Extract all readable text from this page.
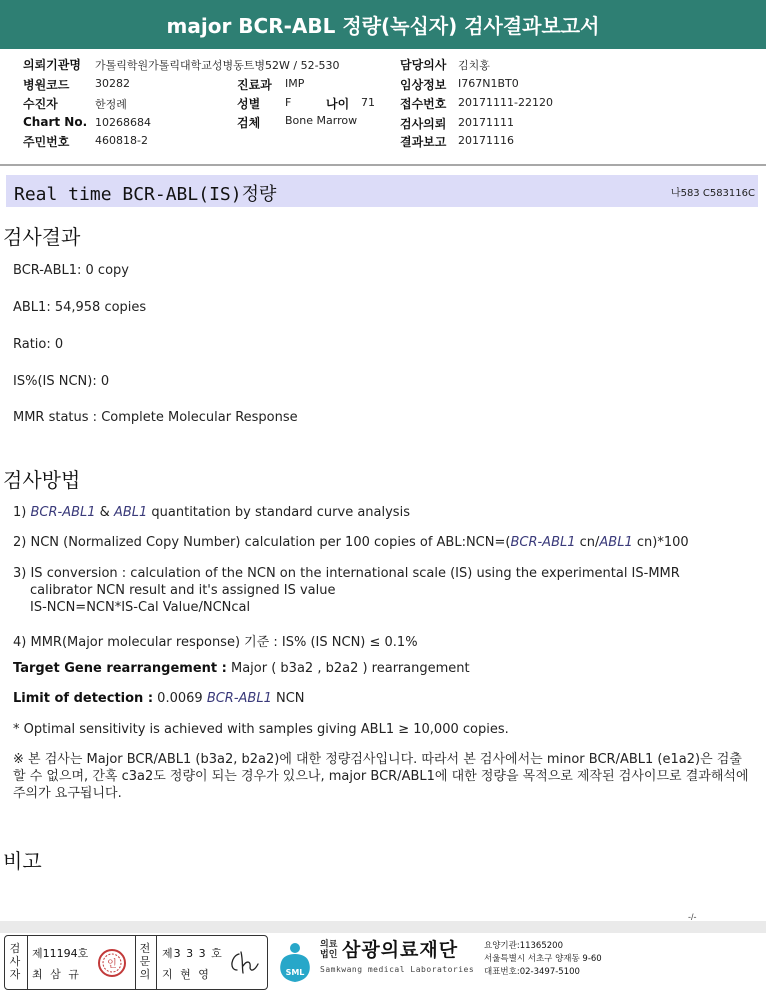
major BCR-ABL 정량(녹십자) 검사결과보고서
의뢰기관명 가톨릭학원가톨릭대학교성병동트병52W / 52-530	담당의사 김치홍
병원코드 30282	진료과 IMP	임상정보 I767N1BT0
수진자	한정례	성별 F	나이 71 접수번호 20171111-22120
Chart No. 10268684	검체 Bone Marrow	검사의뢰 20171111
주민번호 460818-2	결과보고 20171116
Real time BCR-ABL(IS)정량	나583 C583116C
검사결과
BCR-ABL1: 0 copy
ABL1: 54,958 copies
Ratio: 0
IS%(IS NCN): 0
MMR status : Complete Molecular Response
검사방법
1) BCR-ABL1 & ABL1 quantitation by standard curve analysis
2) NCN (Normalized Copy Number) calculation per 100 copies of ABL:NCN=(BCR-ABL1 cn/ABL1 cn)*100
3) IS conversion : calculation of the NCN on the international scale (IS) using the experimental IS-MMR
calibrator NCN result and it's assigned IS value
IS-NCN=NCN*IS-Cal Value/NCNcal
4) MMR(Major molecular response) 기준 : IS% (IS NCN) ≤ 0.1%
Target Gene rearrangement : Major ( b3a2 , b2a2 ) rearrangement
Limit of detection : 0.0069 BCR-ABL1 NCN
* Optimal sensitivity is achieved with samples giving ABL1 ≥ 10,000 copies.
※ 본 검사는 Major BCR/ABL1 (b3a2, b2a2)에 대한 정량검사입니다. 따라서 본 검사에서는 minor BCR/ABL1 (e1a2)은 검출할 수 없으며, 간혹 c3a2도 정량이 되는 경우가 있으나, major BCR/ABL1에 대한 정량을 목적으로 제작된 검사이므로 결과해석에 주의가 요구됩니다.
비고
-/-
검사자
제11194호
최 삼 규
인
전문의
제3 3 3 호
지 현 영	SML
의료
법인 삼광의료재단
Samkwang medical Laboratories
요양기관:11365200
서울특별시 서초구 양재동 9-60
대표번호:02-3497-5100
